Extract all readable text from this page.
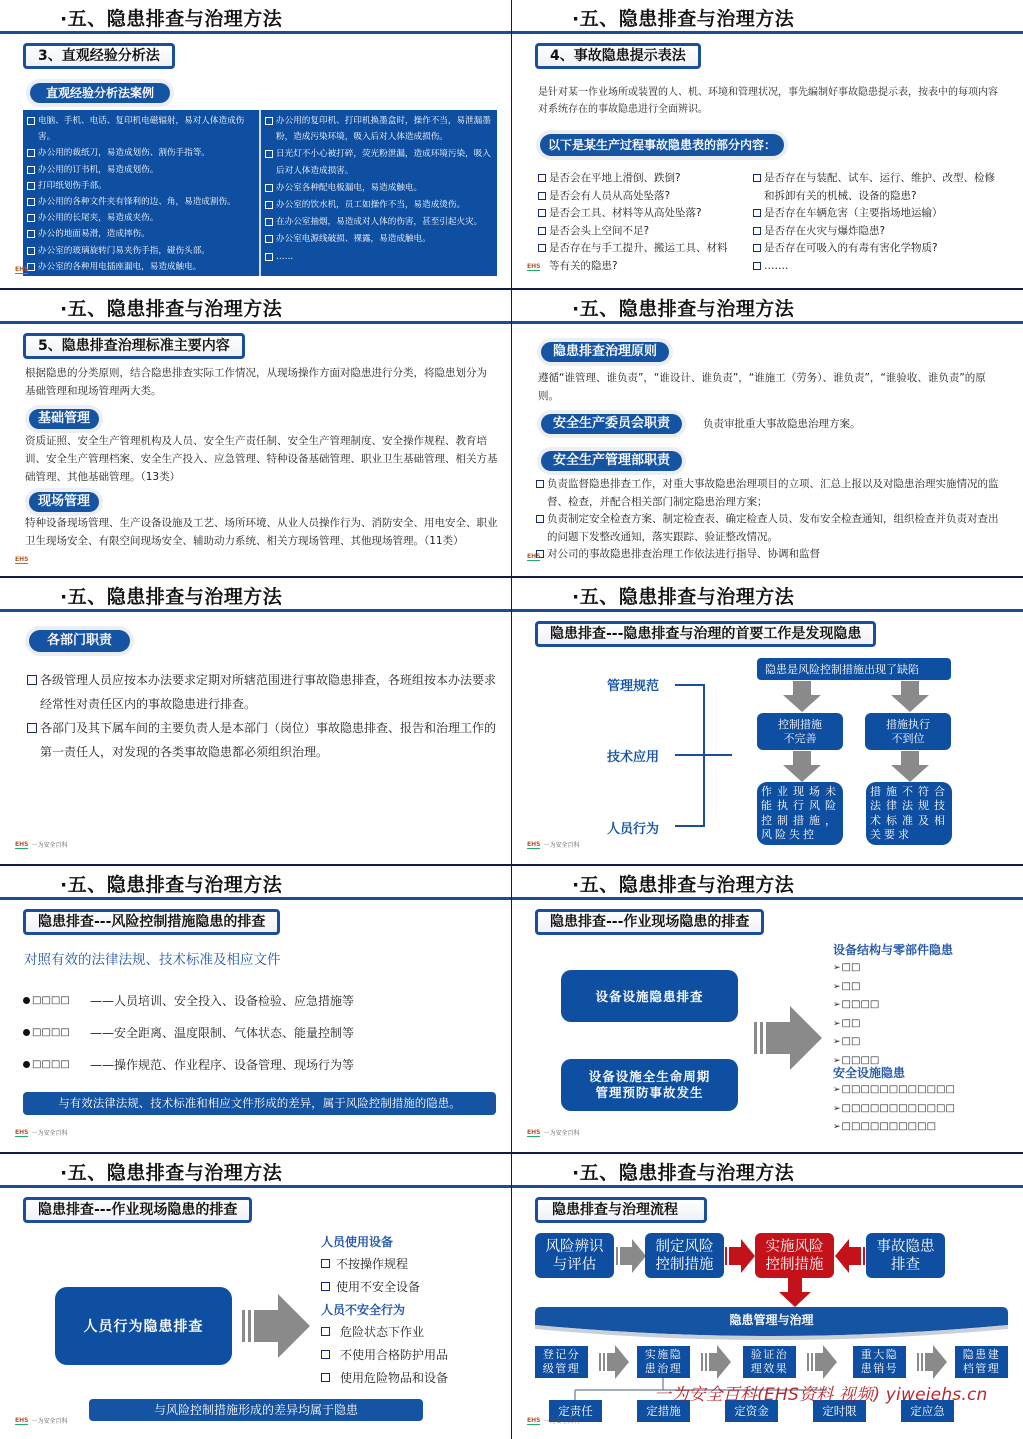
·五、隐患排查与治理方法
3、直观经验分析法
直观经验分析法案例
电脑、手机、电话、复印机电磁辐射，易对人体造成伤害。
办公用的裁纸刀，易造成划伤、割伤手指等。
办公用的订书机，易造成划伤。
打印纸划伤手部。
办公用的各种文件夹有锋利的边、角，易造成割伤。
办公用的长尾夹，易造成夹伤。
办公的地面易滑，造成摔伤。
办公室的玻璃旋转门易夹伤手指，碰伤头部。
办公室的各种用电插座漏电，易造成触电。
办公用的复印机、打印机换墨盒时，操作不当，易泄漏墨粉，造成污染环境，吸入后对人体造成损伤。
日光灯不小心被打碎，荧光粉泄漏，造成环境污染，吸入后对人体造成损害。
办公室各种配电板漏电，易造成触电。
办公室的饮水机，员工如操作不当，易造成烫伤。
在办公室抽烟，易造成对人体的伤害，甚至引起火灾。
办公室电源线破损、裸露，易造成触电。
……
EHS
·五、隐患排查与治理方法
4、事故隐患提示表法
是针对某一作业场所或装置的人、机、环境和管理状况，事先编制好事故隐患提示表，按表中的每项内容对系统存在的事故隐患进行全面辨识。
以下是某生产过程事故隐患表的部分内容：
是否会在平地上滑倒、跌倒?
是否会有人员从高处坠落?
是否会工具、材料等从高处坠落?
是否会头上空间不足?
是否存在与手工提升、搬运工具、材料等有关的隐患?
是否存在与装配、试车、运行、维护、改型、检修和拆卸有关的机械、设备的隐患?
是否存在车辆危害（主要指场地运输）
是否存在火灾与爆炸隐患?
是否存在可吸入的有毒有害化学物质?
…….
EHS
·五、隐患排查与治理方法
5、隐患排查治理标准主要内容
根据隐患的分类原则，结合隐患排查实际工作情况，从现场操作方面对隐患进行分类，将隐患划分为基础管理和现场管理两大类。
基础管理
资质证照、安全生产管理机构及人员、安全生产责任制、安全生产管理制度、安全操作规程、教育培训、安全生产管理档案、安全生产投入、应急管理、特种设备基础管理、职业卫生基础管理、相关方基础管理、其他基础管理。（13类）
现场管理
特种设备现场管理、生产设备设施及工艺、场所环境、从业人员操作行为、消防安全、用电安全、职业卫生现场安全、有限空间现场安全、辅助动力系统、相关方现场管理、其他现场管理。（11类）
EHS
·五、隐患排查与治理方法
隐患排查治理原则
遵循“谁管理、谁负责”，“谁设计、谁负责”，“谁施工（劳务）、谁负责”，“谁验收、谁负责”的原则。
安全生产委员会职责	负责审批重大事故隐患治理方案。
安全生产管理部职责
负责监督隐患排查工作，对重大事故隐患治理项目的立项、汇总上报以及对隐患治理实施情况的监督、检查，并配合相关部门制定隐患治理方案；
负责制定安全检查方案、制定检查表、确定检查人员、发布安全检查通知，组织检查并负责对查出的问题下发整改通知，落实跟踪、验证整改情况。
对公司的事故隐患排查治理工作依法进行指导、协调和监督
EHS
·五、隐患排查与治理方法
各部门职责
各级管理人员应按本办法要求定期对所辖范围进行事故隐患排查，各班组按本办法要求经常性对责任区内的事故隐患进行排查。
各部门及其下属车间的主要负责人是本部门（岗位）事故隐患排查、报告和治理工作的第一责任人，对发现的各类事故隐患都必须组织治理。
EHS 一为安全百科
·五、隐患排查与治理方法
隐患排查---隐患排查与治理的首要工作是发现隐患
管理规范
技术应用
人员行为
隐患是风险控制措施出现了缺陷
控制措施不完善
措施执行不到位
作业现场未能执行风险控制措施，风险失控
措施不符合法律法规技术标准及相关要求
EHS 一为安全百科
·五、隐患排查与治理方法
隐患排查---风险控制措施隐患的排查
对照有效的法律法规、技术标准及相应文件
□□□□	——人员培训、安全投入、设备检验、应急措施等
□□□□	——安全距离、温度限制、气体状态、能量控制等
□□□□	——操作规范、作业程序、设备管理、现场行为等
与有效法律法规、技术标准和相应文件形成的差异，属于风险控制措施的隐患。
EHS 一为安全百科
·五、隐患排查与治理方法
隐患排查---作业现场隐患的排查
设备设施隐患排查
设备设施全生命周期管理预防事故发生
设备结构与零部件隐患
➢□□
➢□□
➢□□□□
➢□□
➢□□
➢□□□□
安全设施隐患
➢□□□□□□□□□□□□
➢□□□□□□□□□□□□
➢□□□□□□□□□□
EHS 一为安全百科
·五、隐患排查与治理方法
隐患排查---作业现场隐患的排查
人员行为隐患排查
人员使用设备
不按操作规程
使用不安全设备
人员不安全行为
危险状态下作业
不使用合格防护用品
使用危险物品和设备
与风险控制措施形成的差异均属于隐患
EHS 一为安全百科
·五、隐患排查与治理方法
隐患排查与治理流程
风险辨识与评估
制定风险控制措施
实施风险控制措施
事故隐患排查
隐患管理与治理
登记分级管理
实施隐患治理
验证治理效果
重大隐患销号
隐患建档管理
定责任	定措施	定资金	定时限	定应急
一为安全百科(EHS资料 视频) yiweiehs.cn
EHS 一为安全百科
